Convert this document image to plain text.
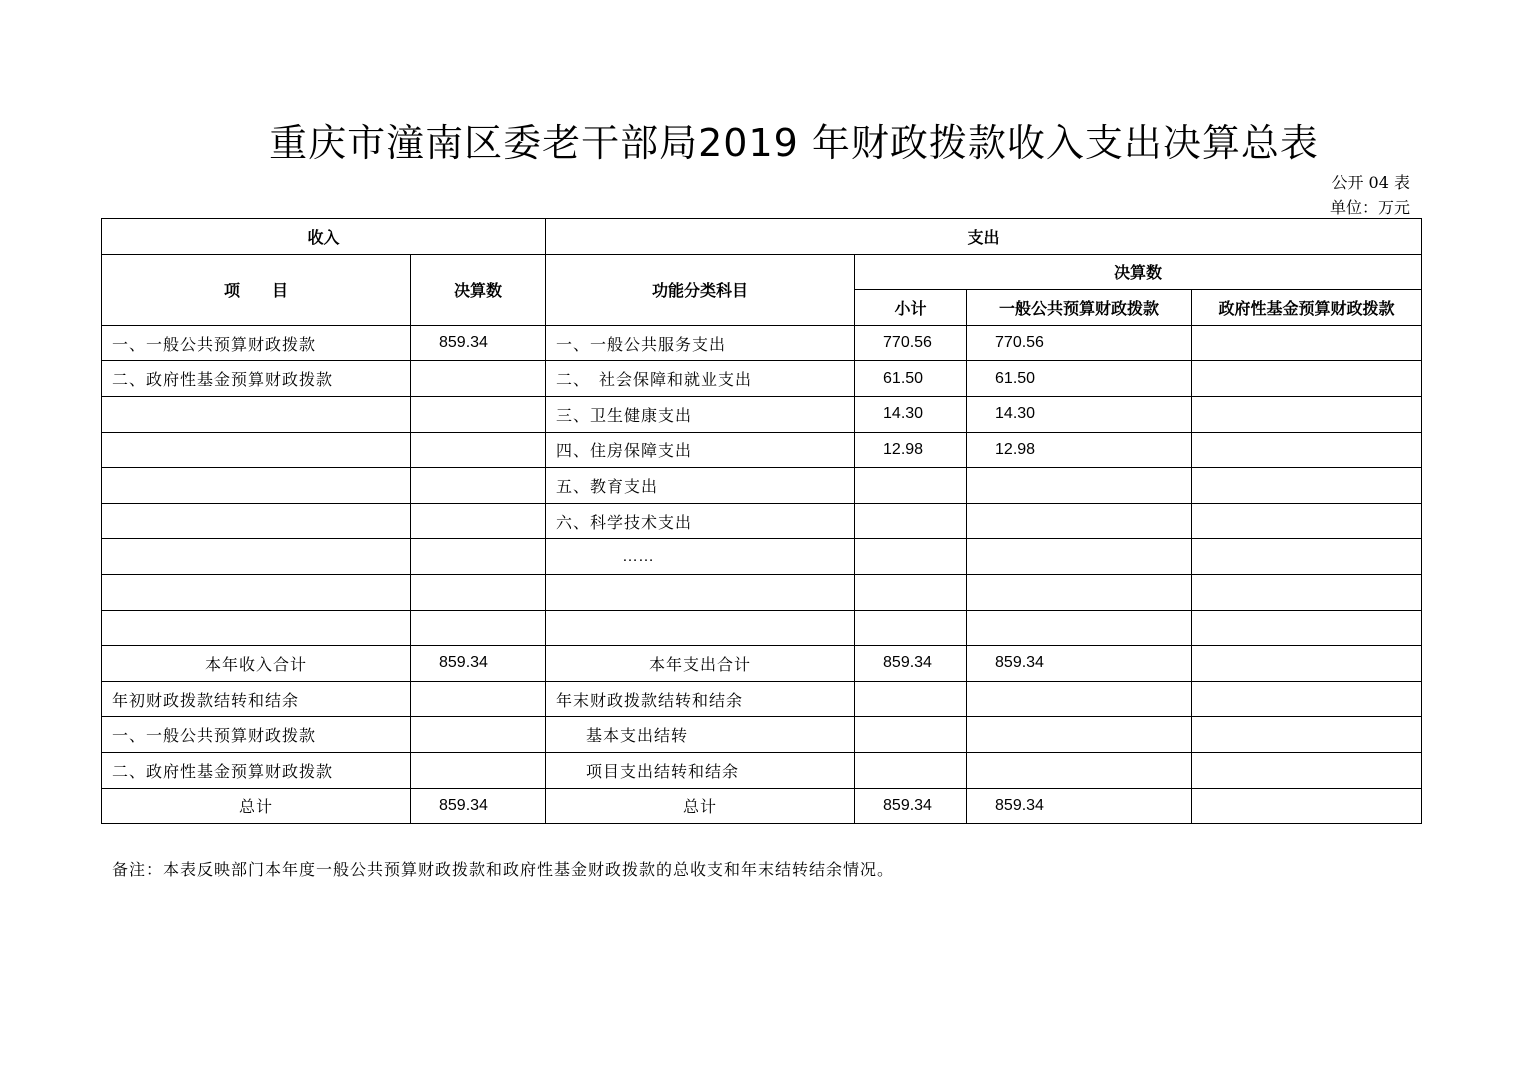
重庆市潼南区委老干部局2019 年财政拨款收入支出决算总表
公开 04 表
单位：万元
收入		支出			
项　　目	决算数	功能分类科目	决算数		
			小计	一般公共预算财政拨款	政府性基金预算财政拨款
一、一般公共预算财政拨款	859.34	一、一般公共服务支出	770.56	770.56	
二、政府性基金预算财政拨款		二、　社会保障和就业支出	61.50	61.50	
		三、卫生健康支出	14.30	14.30	
		四、住房保障支出	12.98	12.98	
		五、教育支出			
		六、科学技术支出			
		……			

本年收入合计	859.34	本年支出合计	859.34	859.34	
年初财政拨款结转和结余		年末财政拨款结转和结余			
一、一般公共预算财政拨款		基本支出结转			
二、政府性基金预算财政拨款		项目支出结转和结余			
总计	859.34	总计	859.34	859.34	
备注：本表反映部门本年度一般公共预算财政拨款和政府性基金财政拨款的总收支和年末结转结余情况。
